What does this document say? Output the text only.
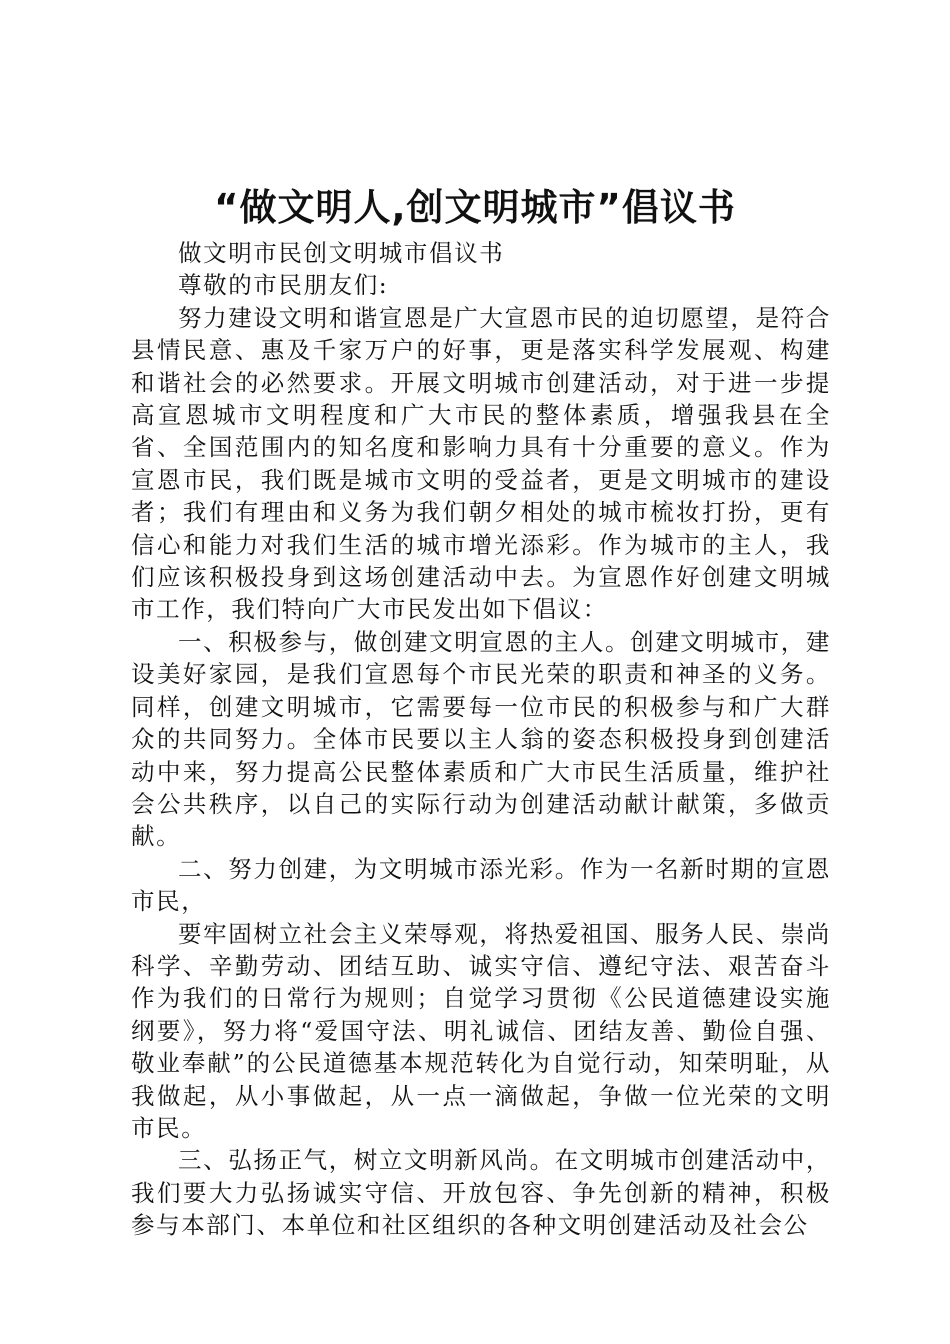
“做文明人,创文明城市”倡议书

做文明市民创文明城市倡议书

尊敬的市民朋友们:

努力建设文明和谐宣恩是广大宣恩市民的迫切愿望，是符合县情民意、惠及千家万户的好事，更是落实科学发展观、构建和谐社会的必然要求。开展文明城市创建活动，对于进一步提高宣恩城市文明程度和广大市民的整体素质，增强我县在全省、全国范围内的知名度和影响力具有十分重要的意义。作为宣恩市民，我们既是城市文明的受益者，更是文明城市的建设者；我们有理由和义务为我们朝夕相处的城市梳妆打扮，更有信心和能力对我们生活的城市增光添彩。作为城市的主人，我们应该积极投身到这场创建活动中去。为宣恩作好创建文明城市工作，我们特向广大市民发出如下倡议：

一、积极参与，做创建文明宣恩的主人。创建文明城市，建设美好家园，是我们宣恩每个市民光荣的职责和神圣的义务。同样，创建文明城市，它需要每一位市民的积极参与和广大群众的共同努力。全体市民要以主人翁的姿态积极投身到创建活动中来，努力提高公民整体素质和广大市民生活质量，维护社会公共秩序，以自己的实际行动为创建活动献计献策，多做贡献。

二、努力创建，为文明城市添光彩。作为一名新时期的宣恩市民，

要牢固树立社会主义荣辱观，将热爱祖国、服务人民、崇尚科学、辛勤劳动、团结互助、诚实守信、遵纪守法、艰苦奋斗作为我们的日常行为规则；自觉学习贯彻《公民道德建设实施纲要》，努力将“爱国守法、明礼诚信、团结友善、勤俭自强、敬业奉献”的公民道德基本规范转化为自觉行动，知荣明耻，从我做起，从小事做起，从一点一滴做起，争做一位光荣的文明市民。

三、弘扬正气，树立文明新风尚。在文明城市创建活动中，我们要大力弘扬诚实守信、开放包容、争先创新的精神，积极参与本部门、本单位和社区组织的各种文明创建活动及社会公
